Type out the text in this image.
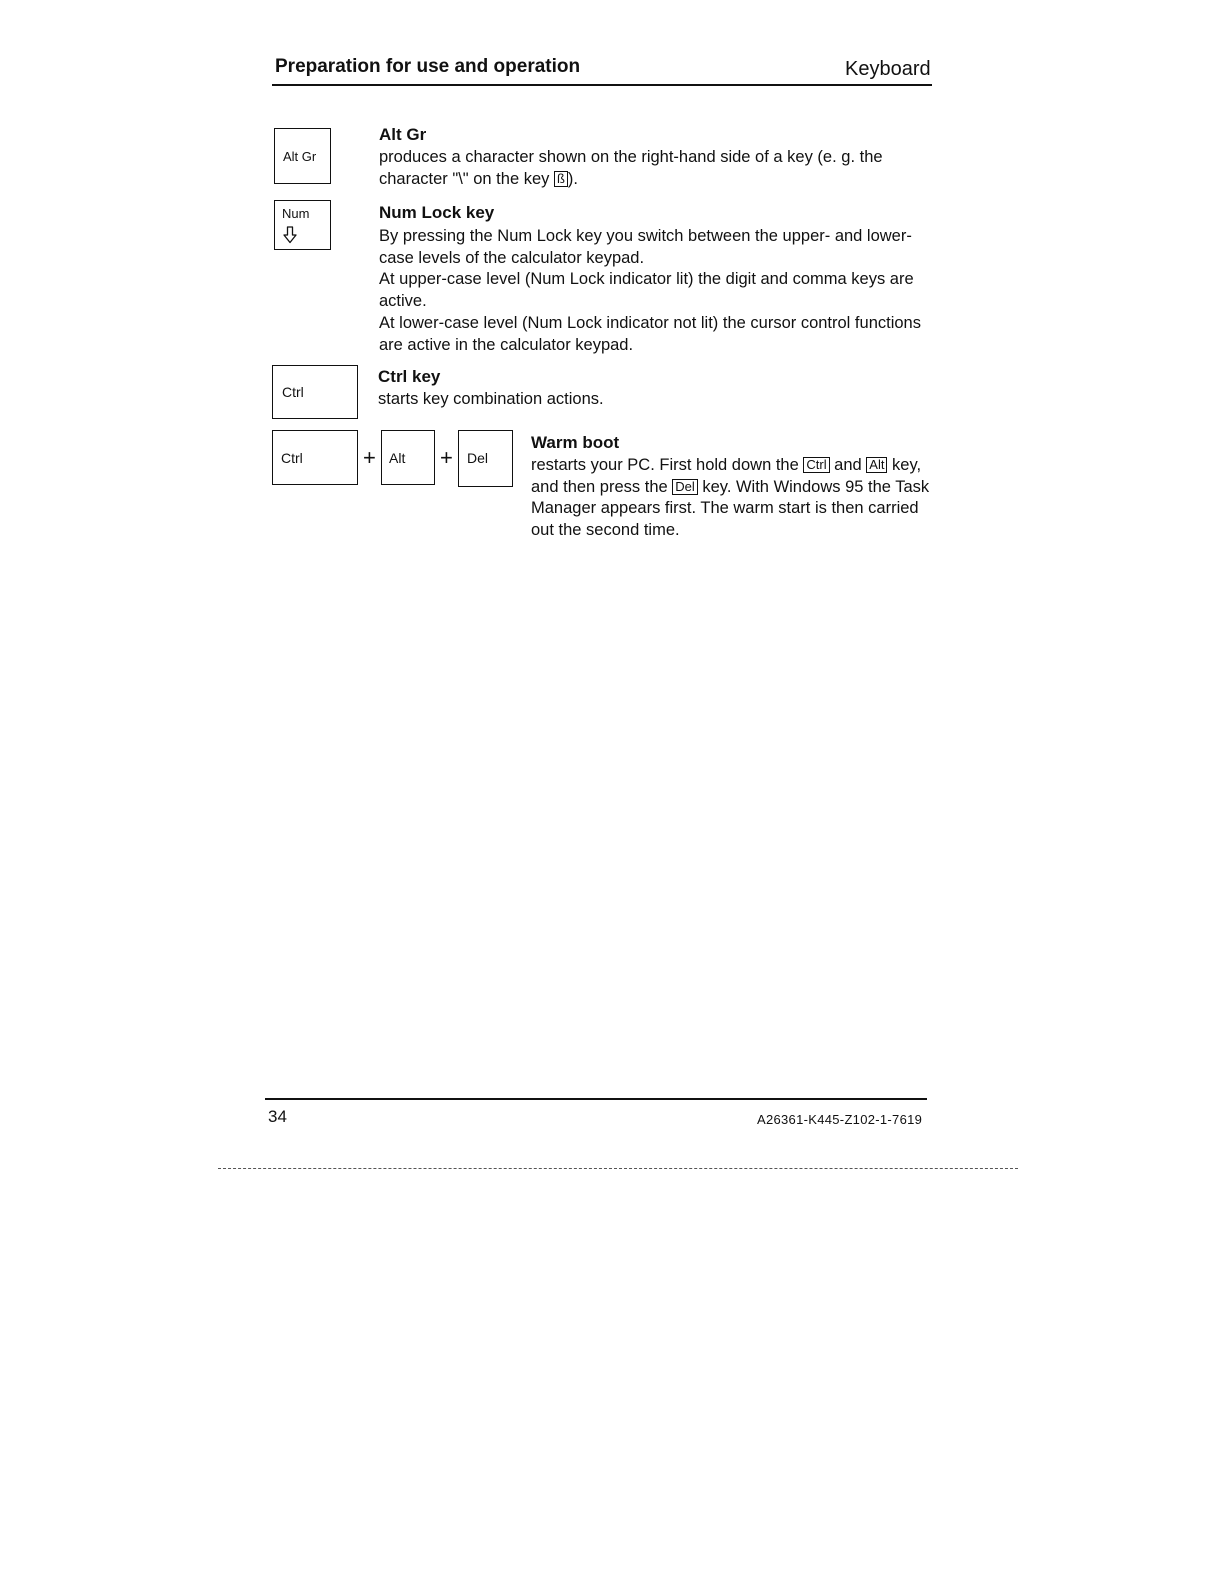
Preparation for use and operation	Keyboard
Alt Gr
Alt Gr
produces a character shown on the right-hand side of a key (e. g. the character "\" on the key ß ).
Num	Num Lock key

By pressing the Num Lock key you switch between the upper- and lower-case levels of the calculator keypad.

At upper-case level (Num Lock indicator lit) the digit and comma keys are active.

At lower-case level (Num Lock indicator not lit) the cursor control functions are active in the calculator keypad.

Ctrl
Ctrl key
starts key combination actions.
Ctrl	+ Alt + Del
Warm boot
restarts your PC. First hold down the Ctrl and Alt key, and then press the Del key. With Windows 95 the Task Manager appears first. The warm start is then carried out the second time.
34	A26361-K445-Z102-1-7619
